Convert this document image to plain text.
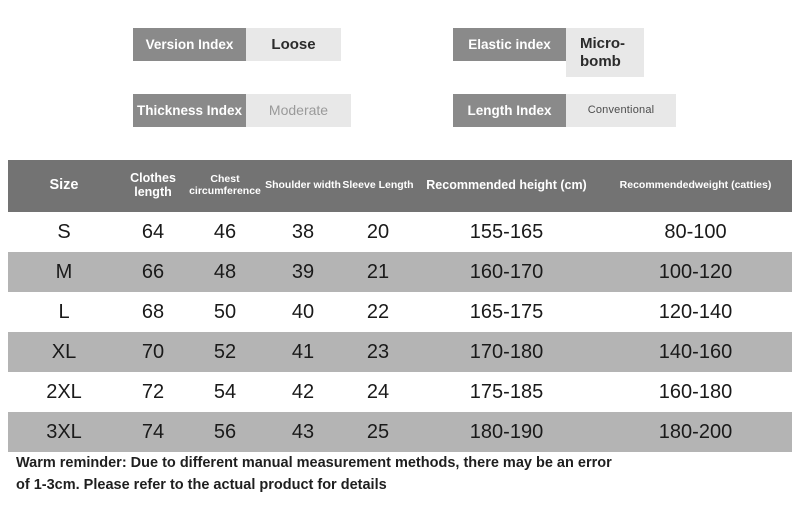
Version Index	Loose	Elastic index	Micro-bomb
Thickness Index	Moderate	Length Index	Conventional
Size	Clothes length	Chest circumference	Shoulder width	Sleeve Length	Recommended height (cm)	Recommendedweight (catties)
S	64	46	38	20	155-165	80-100
M	66	48	39	21	160-170	100-120
L	68	50	40	22	165-175	120-140
XL	70	52	41	23	170-180	140-160
2XL	72	54	42	24	175-185	160-180
3XL	74	56	43	25	180-190	180-200
Warm reminder: Due to different manual measurement methods, there may be an error
of 1-3cm. Please refer to the actual product for details
